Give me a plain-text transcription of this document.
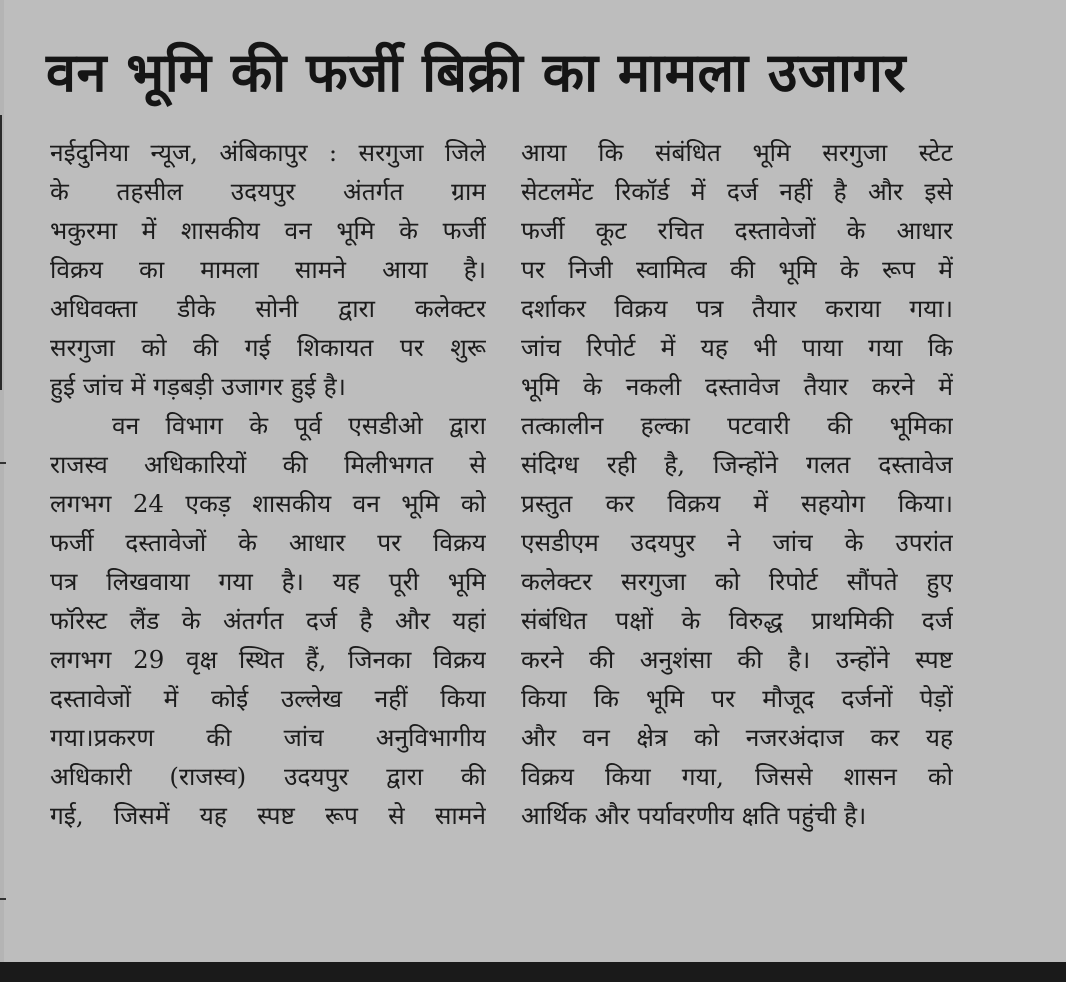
वन भूमि की फर्जी बिक्री का मामला उजागर
नईदुनिया न्यूज, अंबिकापुर : सरगुजा जिले
के तहसील उदयपुर अंतर्गत ग्राम
भकुरमा में शासकीय वन भूमि के फर्जी
विक्रय का मामला सामने आया है।
अधिवक्ता डीके सोनी द्वारा कलेक्टर
सरगुजा को की गई शिकायत पर शुरू
हुई जांच में गड़बड़ी उजागर हुई है।
वन विभाग के पूर्व एसडीओ द्वारा
राजस्व अधिकारियों की मिलीभगत से
लगभग 24 एकड़ शासकीय वन भूमि को
फर्जी दस्तावेजों के आधार पर विक्रय
पत्र लिखवाया गया है। यह पूरी भूमि
फॉरेस्ट लैंड के अंतर्गत दर्ज है और यहां
लगभग 29 वृक्ष स्थित हैं, जिनका विक्रय
दस्तावेजों में कोई उल्लेख नहीं किया
गया।प्रकरण की जांच अनुविभागीय
अधिकारी (राजस्व) उदयपुर द्वारा की
गई, जिसमें यह स्पष्ट रूप से सामने
आया कि संबंधित भूमि सरगुजा स्टेट
सेटलमेंट रिकॉर्ड में दर्ज नहीं है और इसे
फर्जी कूट रचित दस्तावेजों के आधार
पर निजी स्वामित्व की भूमि के रूप में
दर्शाकर विक्रय पत्र तैयार कराया गया।
जांच रिपोर्ट में यह भी पाया गया कि
भूमि के नकली दस्तावेज तैयार करने में
तत्कालीन हल्का पटवारी की भूमिका
संदिग्ध रही है, जिन्होंने गलत दस्तावेज
प्रस्तुत कर विक्रय में सहयोग किया।
एसडीएम उदयपुर ने जांच के उपरांत
कलेक्टर सरगुजा को रिपोर्ट सौंपते हुए
संबंधित पक्षों के विरुद्ध प्राथमिकी दर्ज
करने की अनुशंसा की है। उन्होंने स्पष्ट
किया कि भूमि पर मौजूद दर्जनों पेड़ों
और वन क्षेत्र को नजरअंदाज कर यह
विक्रय किया गया, जिससे शासन को
आर्थिक और पर्यावरणीय क्षति पहुंची है।
